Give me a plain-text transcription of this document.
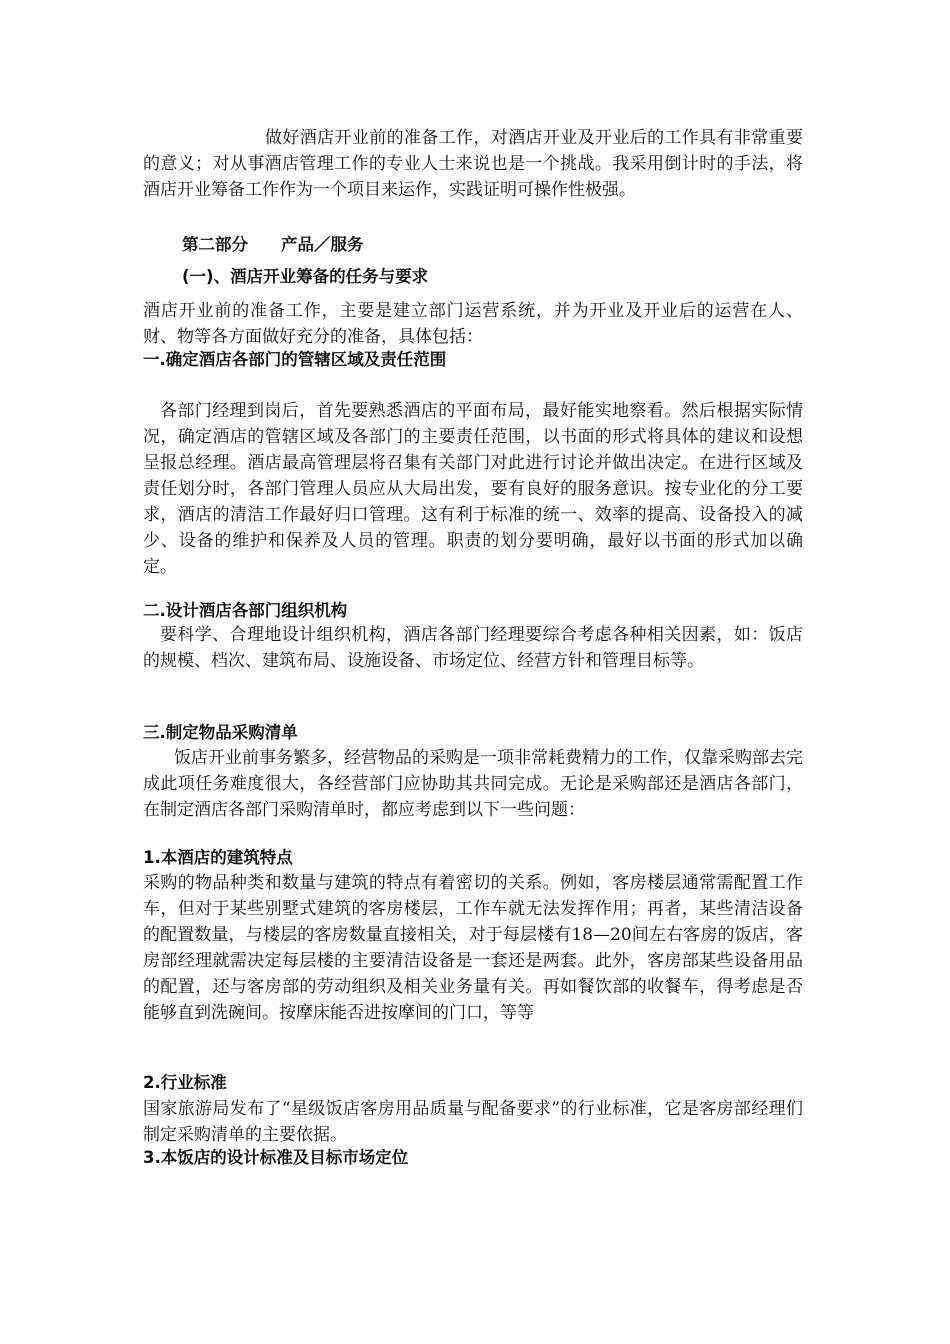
做好酒店开业前的准备工作，对酒店开业及开业后的工作具有非常重要的意义；对从事酒店管理工作的专业人士来说也是一个挑战。我采用倒计时的手法，将酒店开业筹备工作作为一个项目来运作，实践证明可操作性极强。

第二部分　　产品／服务

(一)、酒店开业筹备的任务与要求

酒店开业前的准备工作，主要是建立部门运营系统，并为开业及开业后的运营在人、财、物等各方面做好充分的准备，具体包括：

一.确定酒店各部门的管辖区域及责任范围

各部门经理到岗后，首先要熟悉酒店的平面布局，最好能实地察看。然后根据实际情况，确定酒店的管辖区域及各部门的主要责任范围，以书面的形式将具体的建议和设想呈报总经理。酒店最高管理层将召集有关部门对此进行讨论并做出决定。在进行区域及责任划分时，各部门管理人员应从大局出发，要有良好的服务意识。按专业化的分工要求，酒店的清洁工作最好归口管理。这有利于标准的统一、效率的提高、设备投入的减少、设备的维护和保养及人员的管理。职责的划分要明确，最好以书面的形式加以确定。

二.设计酒店各部门组织机构

要科学、合理地设计组织机构，酒店各部门经理要综合考虑各种相关因素，如：饭店的规模、档次、建筑布局、设施设备、市场定位、经营方针和管理目标等。

三.制定物品采购清单

饭店开业前事务繁多，经营物品的采购是一项非常耗费精力的工作，仅靠采购部去完成此项任务难度很大，各经营部门应协助其共同完成。无论是采购部还是酒店各部门，在制定酒店各部门采购清单时，都应考虑到以下一些问题：

1.本酒店的建筑特点

采购的物品种类和数量与建筑的特点有着密切的关系。例如，客房楼层通常需配置工作车，但对于某些别墅式建筑的客房楼层，工作车就无法发挥作用；再者，某些清洁设备的配置数量，与楼层的客房数量直接相关，对于每层楼有18—20间左右客房的饭店，客房部经理就需决定每层楼的主要清洁设备是一套还是两套。此外，客房部某些设备用品的配置，还与客房部的劳动组织及相关业务量有关。再如餐饮部的收餐车，得考虑是否能够直到洗碗间。按摩床能否进按摩间的门口，等等

2.行业标准

国家旅游局发布了“星级饭店客房用品质量与配备要求”的行业标准，它是客房部经理们制定采购清单的主要依据。

3.本饭店的设计标准及目标市场定位
